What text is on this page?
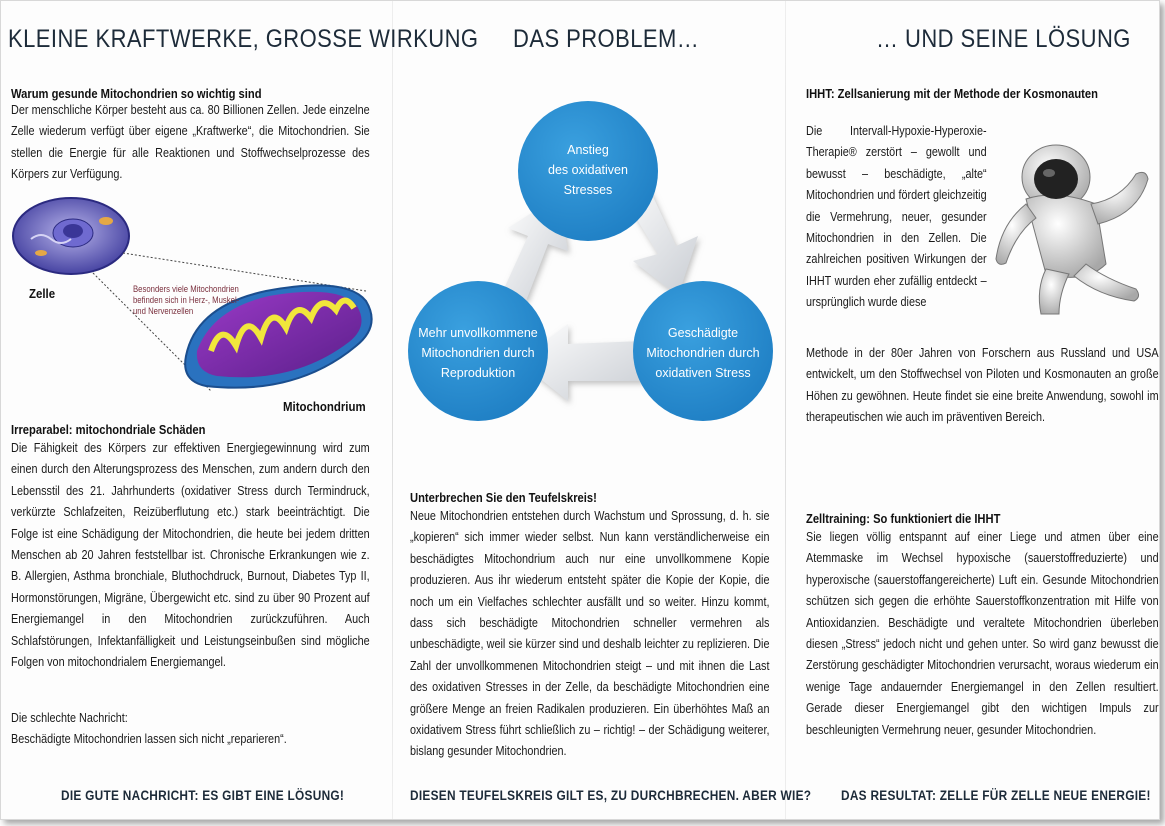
KLEINE KRAFTWERKE, GROSSE WIRKUNG
Warum gesunde Mitochondrien so wichtig sind

Der menschliche Körper besteht aus ca. 80 Billionen Zellen. Jede einzelne Zelle wiederum verfügt über eigene „Kraftwerke“, die Mitochondrien. Sie stellen die Energie für alle Reaktionen und Stoffwechselprozesse des Körpers zur Verfügung.

Zelle
Mitochondrium
Besonders viele Mitochondrien befinden sich in Herz-, Muskel- und Nervenzellen
Irreparabel: mitochondriale Schäden

Die Fähigkeit des Körpers zur effektiven Energiegewinnung wird zum einen durch den Alterungsprozess des Menschen, zum andern durch den Lebensstil des 21. Jahrhunderts (oxidativer Stress durch Termindruck, verkürzte Schlafzeiten, Reizüberflutung etc.) stark beeinträchtigt. Die Folge ist eine Schädigung der Mitochondrien, die heute bei jedem dritten Menschen ab 20 Jahren feststellbar ist. Chronische Erkrankungen wie z. B. Allergien, Asthma bronchiale, Bluthochdruck, Burnout, Diabetes Typ II, Hormonstörungen, Migräne, Übergewicht etc. sind zu über 90 Prozent auf Energiemangel in den Mitochondrien zurückzuführen. Auch Schlafstörungen, Infektanfälligkeit und Leistungseinbußen sind mögliche Folgen von mitochondrialem Energiemangel.

Die schlechte Nachricht:

Beschädigte Mitochondrien lassen sich nicht „reparieren“.

DIE GUTE NACHRICHT: ES GIBT EINE LÖSUNG!

DAS PROBLEM…
Anstieg des oxidativen Stresses
Geschädigte Mitochondrien durch oxidativen Stress
Mehr unvollkommene Mitochondrien durch Reproduktion
Unterbrechen Sie den Teufelskreis!

Neue Mitochondrien entstehen durch Wachstum und Sprossung, d. h. sie „kopieren“ sich immer wieder selbst. Nun kann verständlicherweise ein beschädigtes Mitochondrium auch nur eine unvollkommene Kopie produzieren. Aus ihr wiederum entsteht später die Kopie der Kopie, die noch um ein Vielfaches schlechter ausfällt und so weiter. Hinzu kommt, dass sich beschädigte Mitochondrien schneller vermehren als unbeschädigte, weil sie kürzer sind und deshalb leichter zu replizieren. Die Zahl der unvollkommenen Mitochondrien steigt – und mit ihnen die Last des oxidativen Stresses in der Zelle, da beschädigte Mitochondrien eine größere Menge an freien Radikalen produzieren. Ein überhöhtes Maß an oxidativem Stress führt schließlich zu – richtig! – der Schädigung weiterer, bislang gesunder Mitochondrien.

DIESEN TEUFELSKREIS GILT ES, ZU DURCHBRECHEN. ABER WIE?

… UND SEINE LÖSUNG
IHHT: Zellsanierung mit der Methode der Kosmonauten

Die Intervall-Hypoxie-Hyperoxie-Therapie® zerstört – gewollt und bewusst – beschädigte, „alte“ Mitochondrien und fördert gleichzeitig die Vermehrung, neuer, gesunder Mitochondrien in den Zellen. Die zahlreichen positiven Wirkungen der IHHT wurden eher zufällig entdeckt – ursprünglich wurde diese

Methode in der 80er Jahren von Forschern aus Russland und USA entwickelt, um den Stoffwechsel von Piloten und Kosmonauten an große Höhen zu gewöhnen. Heute findet sie eine breite Anwendung, sowohl im therapeutischen wie auch im präventiven Bereich.

Zelltraining: So funktioniert die IHHT

Sie liegen völlig entspannt auf einer Liege und atmen über eine Atemmaske im Wechsel hypoxische (sauerstoffreduzierte) und hyperoxische (sauerstoffangereicherte) Luft ein. Gesunde Mitochondrien schützen sich gegen die erhöhte Sauerstoffkonzentration mit Hilfe von Antioxidanzien. Beschädigte und veraltete Mitochondrien überleben diesen „Stress“ jedoch nicht und gehen unter. So wird ganz bewusst die Zerstörung geschädigter Mitochondrien verursacht, woraus wiederum ein wenige Tage andauernder Energiemangel in den Zellen resultiert. Gerade dieser Energiemangel gibt den wichtigen Impuls zur beschleunigten Vermehrung neuer, gesunder Mitochondrien.

DAS RESULTAT: ZELLE FÜR ZELLE NEUE ENERGIE!
